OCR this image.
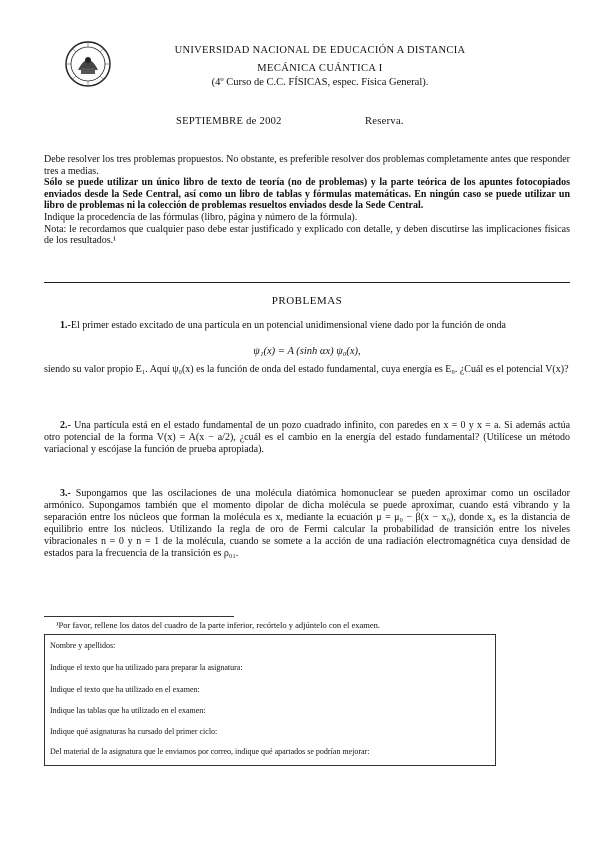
UNIVERSIDAD NACIONAL DE EDUCACIÓN A DISTANCIA
MECÁNICA CUÁNTICA I
(4º Curso de C.C. FÍSICAS, espec. Física General).
SEPTIEMBRE de 2002	Reserva.

Debe resolver los tres problemas propuestos. No obstante, es preferible resolver dos problemas completamente antes que responder tres a medias.

Sólo se puede utilizar un único libro de texto de teoría (no de problemas) y la parte teórica de los apuntes fotocopiados enviados desde la Sede Central, así como un libro de tablas y fórmulas matemáticas. En ningún caso se puede utilizar un libro de problemas ni la colección de problemas resueltos enviados desde la Sede Central.

Indique la procedencia de las fórmulas (libro, página y número de la fórmula).

Nota: le recordamos que cualquier paso debe estar justificado y explicado con detalle, y deben discutirse las implicaciones físicas de los resultados.¹

PROBLEMAS

1.-El primer estado excitado de una partícula en un potencial unidimensional viene dado por la función de onda

ψ₁(x) = A (sinh αx) ψ₀(x),

siendo su valor propio E₁. Aquí ψ₀(x) es la función de onda del estado fundamental, cuya energía es E₀. ¿Cuál es el potencial V(x)?

2.- Una partícula está en el estado fundamental de un pozo cuadrado infinito, con paredes en x = 0 y x = a. Si además actúa otro potencial de la forma V(x) = A(x − a/2), ¿cuál es el cambio en la energía del estado fundamental? (Utilícese un método variacional y escójase la función de prueba apropiada).

3.- Supongamos que las oscilaciones de una molécula diatómica homonuclear se pueden aproximar como un oscilador armónico. Supongamos también que el momento dipolar de dicha molécula se puede aproximar, cuando está vibrando y la separación entre los núcleos que forman la molécula es x, mediante la ecuación μ = μ₀ − β(x − x₀), donde x₀ es la distancia de equilibrio entre los núcleos. Utilizando la regla de oro de Fermi calcular la probabilidad de transición entre los niveles vibracionales n = 0 y n = 1 de la molécula, cuando se somete a la acción de una radiación electromagnética cuya densidad de estados para la frecuencia de la transición es ρ₀₁.

¹Por favor, rellene los datos del cuadro de la parte inferior, recórtelo y adjúntelo con el examen.
Nombre y apellidos:
Indique el texto que ha utilizado para preparar la asignatura:
Indique el texto que ha utilizado en el examen:
Indique las tablas que ha utilizado en el examen:
Indique qué asignaturas ha cursado del primer ciclo:
Del material de la asignatura que le enviamos por correo, indique qué apartados se podrían mejorar:
